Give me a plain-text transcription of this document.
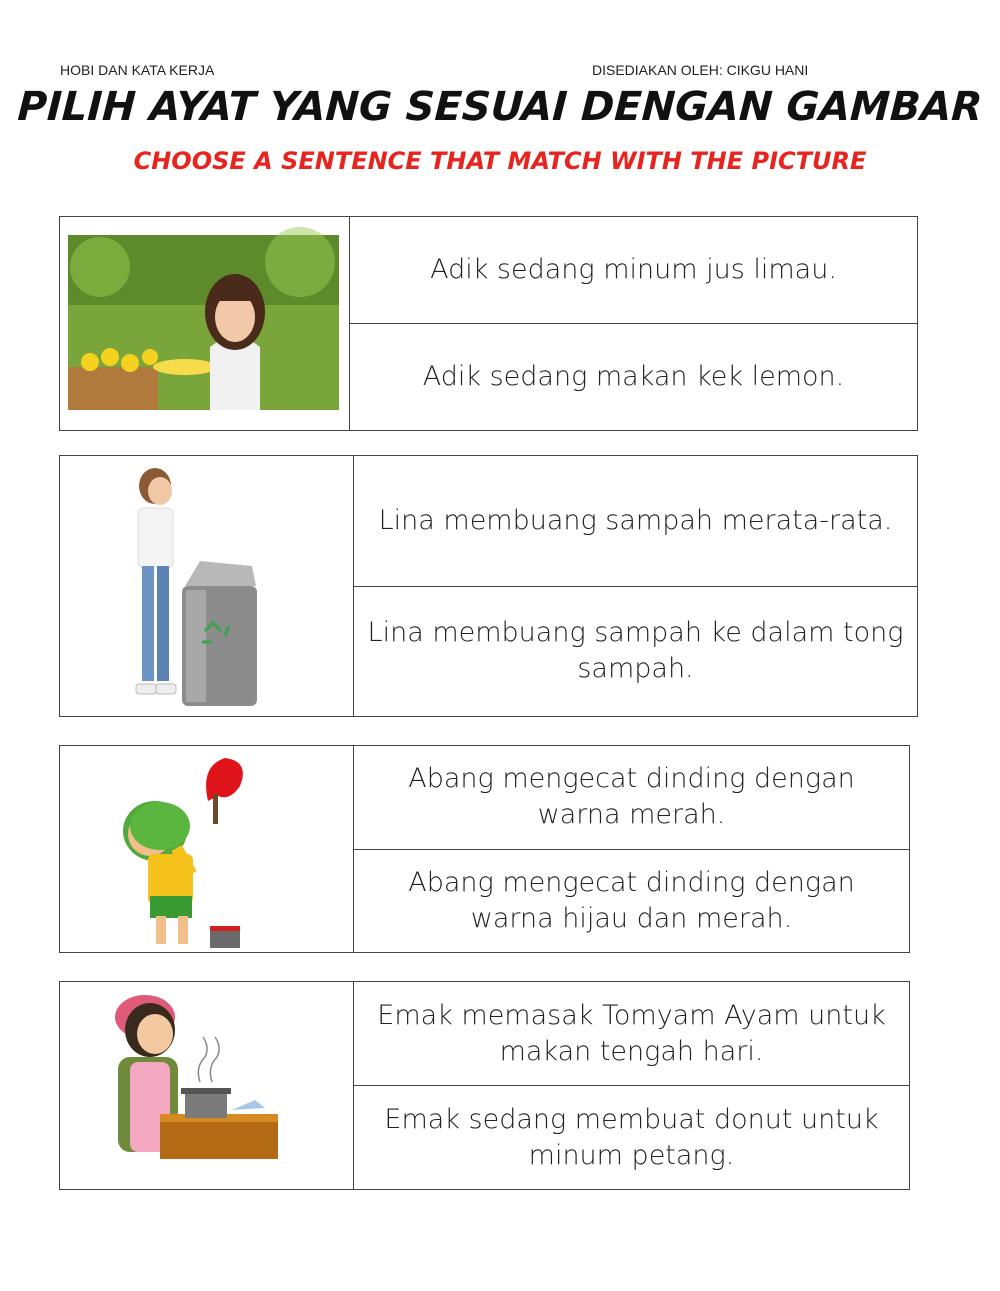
HOBI DAN KATA KERJA	DISEDIAKAN OLEH: CIKGU HANI
PILIH AYAT YANG SESUAI DENGAN GAMBAR
CHOOSE A SENTENCE THAT MATCH WITH THE PICTURE
Adik sedang minum jus limau.
Adik sedang makan kek lemon.
Lina membuang sampah merata-rata.
Lina membuang sampah ke dalam tong sampah.
Abang mengecat dinding dengan warna merah.
Abang mengecat dinding dengan warna hijau dan merah.
Emak memasak Tomyam Ayam untuk makan tengah hari.
Emak sedang membuat donut untuk minum petang.
